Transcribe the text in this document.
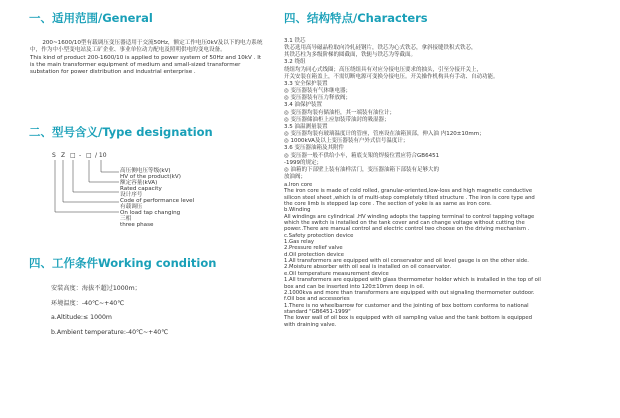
一、适用范围/General

200~1600/10型有载调压变压器适用于交流50Hz，额定工作电压0kV及以下的电力系统中，作为中小型变电站及工矿企业、事业单位动力配电及照明供电的变电设备。

This kind of product 200-1600/10 is applied to power system of 50Hz and 10kV . It is the main transformer equipment of medium and small-sized transformer substation for power distribution and industrial enterprise .

二、型号含义/Type designation
S Z □ - □ / 10
高压侧电压等级(kV)
HV of the product(kV)
额定容量(kVA)
Rated capacity
设计序号
Code of performance level
有载调压
On load tap changing
三相
three phase
四、工作条件Working condition
安装高度：海拔不超过1000m；
环境温度：-40℃~+40℃
a.Altitude:≤ 1000m
b.Ambient temperature:-40℃~+40℃
四、结构特点/Characters
3.1 铁芯
铁芯选用高导磁晶粒取向冷轧硅钢片，铁芯为心式铁芯，拿斜接缝铁积式铁芯，
其铁芯柱为多级阶梯的圆截面，铁轭与铁芯为等截面。
3.2 绕组
绕组均为同心式线圈；高压绕组具有对应分接电压要求的抽头，引至分接开关上，
开关安装在箱盖上，不需切断电源可变换分接电压。开关操作机构具有手动、自动功能。
3.3 安全保护装置
◎ 变压器装有气体继电器；
◎ 变压器装有压力释放阀；
3.4 油保护装置
◎ 变压器均装有储油柜，其一端装有油位计；
◎ 变压器储油柜上应加装带油封的吸湿器；
3.5 油温测量装置
◎ 变压器均装有玻璃温度计的管座，管座设在油箱顶部，伸入油 内120±10mm；
◎ 1000kVA及以上变压器装有户外式信号温度计；
3.6 变压器油箱及其附件
◎ 变压器一般不供给小车，箱底支架的焊接位置应符合GB6451
-1999的规定；
◎ 油箱的下部壁上装有油样活门，变压器油箱下部装有足够大的
放油阀；
a.Iron core
The iron core is made of cold rolled, granular-oriented,low-loss and high magnetic conductive
silicon steel sheet ,which is of multi-step completely tilted structure . The iron is core type and
the core limb is stepped lap core . The section of yoke is as same as iron core.
b.Winding
All windings are cylindrical .HV winding adopts the tapping terminal to control tapping voltage
which the switch is installed on the tank cover and can change voltage without cutting the
power..There are manual control and electric control two choose on the driving mechanism .
c.Safety protection device
1.Gas relay
2.Pressure relief valve
d.Oil protection device
1.All transformers are equipped with oil conservator and oil level gauge is on the other side.
2.Moisture absorber with oil seal is installed on oil conservator.
e.Oil temperature measurement device
1.All transformers are equipped with glass thermometer holder which is installed in the top of oil
box and can be inserted into 120±10mm deep in oil.
2.1000kva and more than transformers are equipped with out signaling thermometer outdoor.
f.Oil box and accessories
1.There is no wheelbarrow for customer and the jointing of box bottom conforms to national
standard "GB6451-1999"
The lower wall of oil box is equipped with oil sampling value and the tank bottom is equipped
with draining valve.
